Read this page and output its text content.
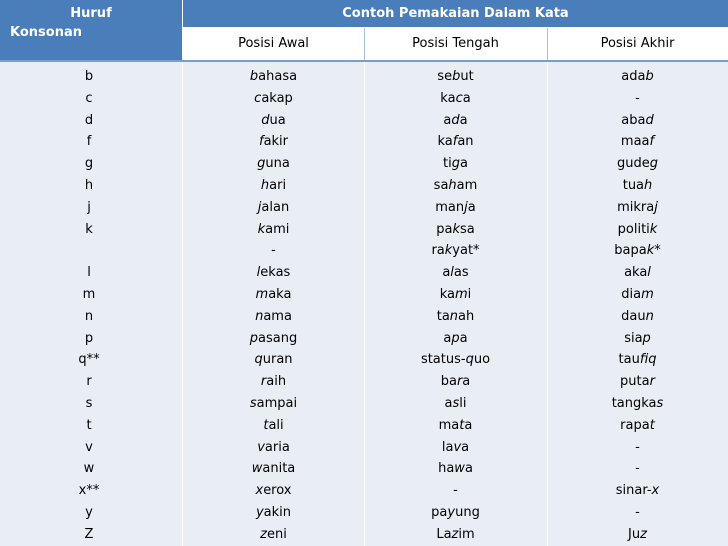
Huruf
Konsonan
Contoh Pemakaian Dalam Kata
Posisi Awal	Posisi Tengah	Posisi Akhir
b
c
d
f
g
h
j
k
l
m
n
p
q**
r
s
t
v
w
x**
y
Z
bahasa
cakap
dua
fakir
guna
hari
jalan
kami
-
lekas
maka
nama
pasang
quran
raih
sampai
tali
varia
wanita
xerox
yakin
zeni
sebut
kaca
ada
kafan
tiga
saham
manja
paksa
rakyat*
alas
kami
tanah
apa
status-quo
bara
asli
mata
lava
hawa
-
payung
Lazim
adab
-
abad
maaf
gudeg
tuah
mikraj
politik
bapak*
akal
diam
daun
siap
taufiq
putar
tangkas
rapat
-
-
sinar-x
-
Juz
